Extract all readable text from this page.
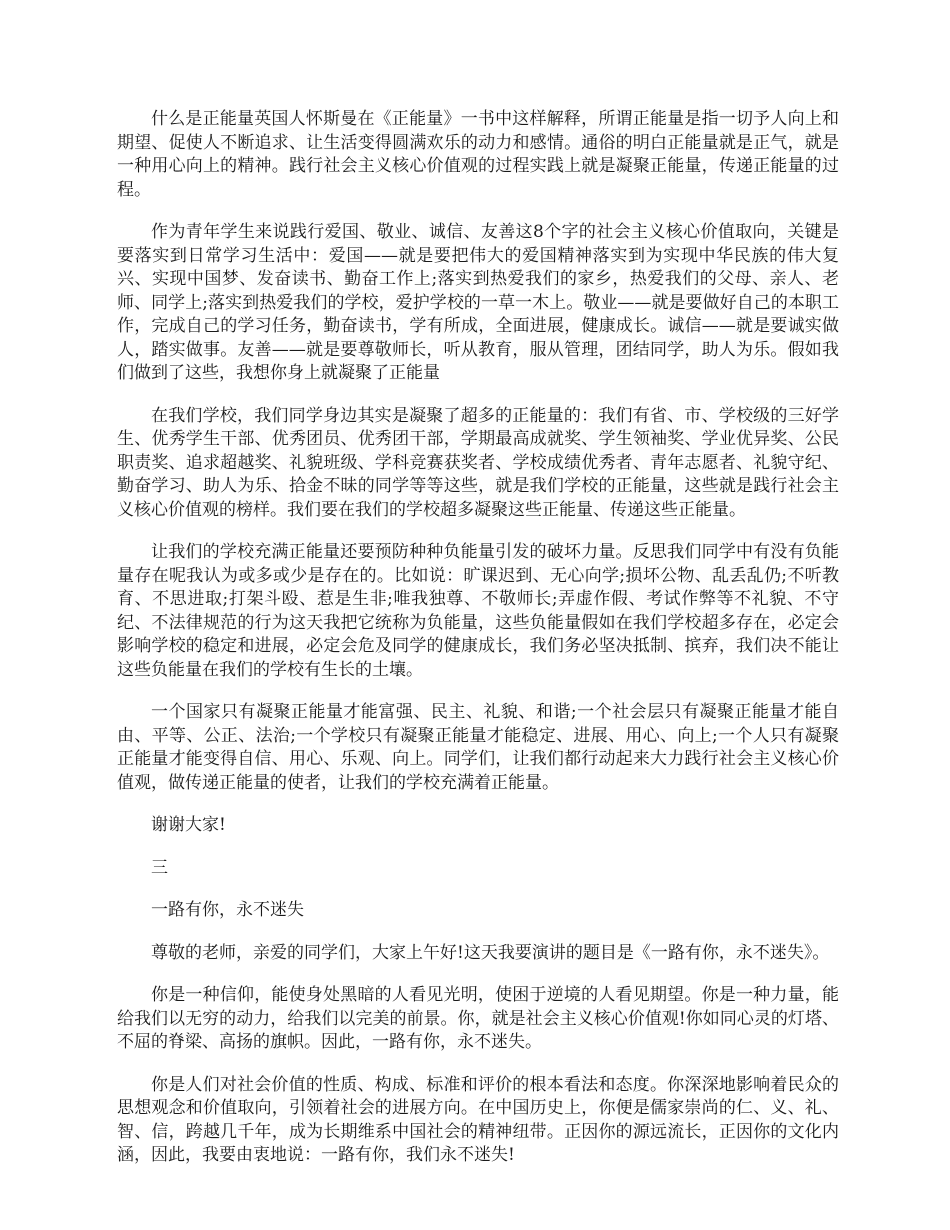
什么是正能量英国人怀斯曼在《正能量》一书中这样解释，所谓正能量是指一切予人向上和期望、促使人不断追求、让生活变得圆满欢乐的动力和感情。通俗的明白正能量就是正气，就是一种用心向上的精神。践行社会主义核心价值观的过程实践上就是凝聚正能量，传递正能量的过程。

作为青年学生来说践行爱国、敬业、诚信、友善这8个字的社会主义核心价值取向，关键是要落实到日常学习生活中：爱国——就是要把伟大的爱国精神落实到为实现中华民族的伟大复兴、实现中国梦、发奋读书、勤奋工作上;落实到热爱我们的家乡，热爱我们的父母、亲人、老师、同学上;落实到热爱我们的学校，爱护学校的一草一木上。敬业——就是要做好自己的本职工作，完成自己的学习任务，勤奋读书，学有所成，全面进展，健康成长。诚信——就是要诚实做人，踏实做事。友善——就是要尊敬师长，听从教育，服从管理，团结同学，助人为乐。假如我们做到了这些，我想你身上就凝聚了正能量

在我们学校，我们同学身边其实是凝聚了超多的正能量的：我们有省、市、学校级的三好学生、优秀学生干部、优秀团员、优秀团干部，学期最高成就奖、学生领袖奖、学业优异奖、公民职责奖、追求超越奖、礼貌班级、学科竞赛获奖者、学校成绩优秀者、青年志愿者、礼貌守纪、勤奋学习、助人为乐、拾金不昧的同学等等这些，就是我们学校的正能量，这些就是践行社会主义核心价值观的榜样。我们要在我们的学校超多凝聚这些正能量、传递这些正能量。

让我们的学校充满正能量还要预防种种负能量引发的破坏力量。反思我们同学中有没有负能量存在呢我认为或多或少是存在的。比如说：旷课迟到、无心向学;损坏公物、乱丢乱仍;不听教育、不思进取;打架斗殴、惹是生非;唯我独尊、不敬师长;弄虚作假、考试作弊等不礼貌、不守纪、不法律规范的行为这天我把它统称为负能量，这些负能量假如在我们学校超多存在，必定会影响学校的稳定和进展，必定会危及同学的健康成长，我们务必坚决抵制、摈弃，我们决不能让这些负能量在我们的学校有生长的土壤。

一个国家只有凝聚正能量才能富强、民主、礼貌、和谐;一个社会层只有凝聚正能量才能自由、平等、公正、法治;一个学校只有凝聚正能量才能稳定、进展、用心、向上;一个人只有凝聚正能量才能变得自信、用心、乐观、向上。同学们，让我们都行动起来大力践行社会主义核心价值观，做传递正能量的使者，让我们的学校充满着正能量。

谢谢大家!

三

一路有你，永不迷失

尊敬的老师，亲爱的同学们，大家上午好!这天我要演讲的题目是《一路有你，永不迷失》。

你是一种信仰，能使身处黑暗的人看见光明，使困于逆境的人看见期望。你是一种力量，能给我们以无穷的动力，给我们以完美的前景。你，就是社会主义核心价值观!你如同心灵的灯塔、不屈的脊梁、高扬的旗帜。因此，一路有你，永不迷失。

你是人们对社会价值的性质、构成、标准和评价的根本看法和态度。你深深地影响着民众的思想观念和价值取向，引领着社会的进展方向。在中国历史上，你便是儒家崇尚的仁、义、礼、智、信，跨越几千年，成为长期维系中国社会的精神纽带。正因你的源远流长，正因你的文化内涵，因此，我要由衷地说：一路有你，我们永不迷失!
